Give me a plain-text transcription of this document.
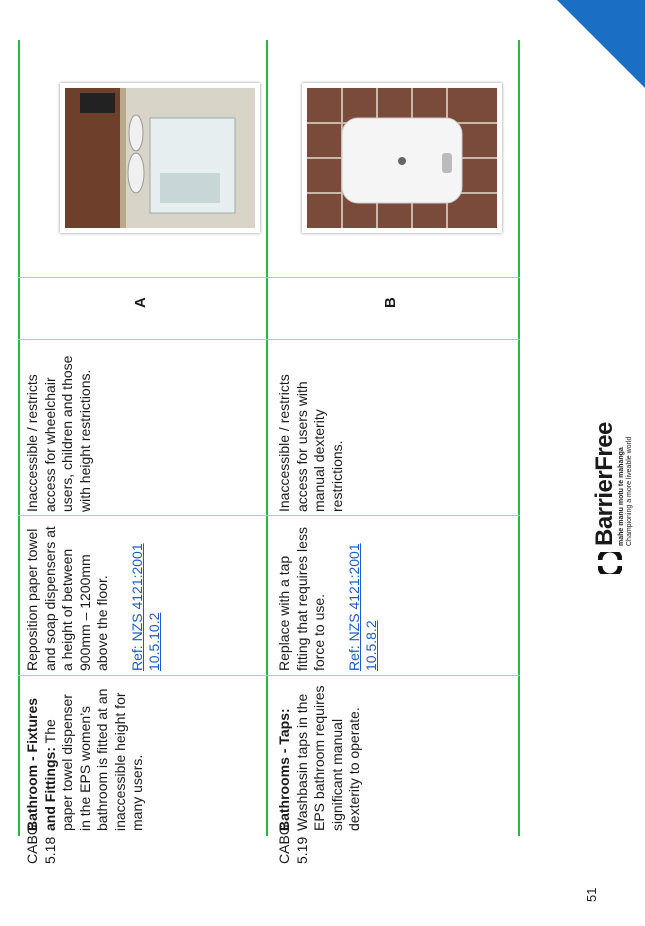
CABG 5.18	CABG 5.19
Bathroom - Fixtures and Fittings: The paper towel dispenser in the EPS women’s bathroom is fitted at an inaccessible height for many users.
Inaccessible / restricts access for wheelchair users, children and those with height restrictions.
A
Bathrooms - Taps: Washbasin taps in the EPS bathroom requires significant manual dexterity to operate.
Inaccessible / restricts access for users with manual dexterity restrictions.
B
Reposition paper towel and soap dispensers at a height of between 900mm – 1200mm above the floor. Ref: NZS 4121:2001 10.5.10.2	Replace with a tap fitting that requires less force to use. Ref: NZS 4121:2001 10.5.8.2
51
BarrierFree mahe manu motu te mahanga Championing a more liveable world
